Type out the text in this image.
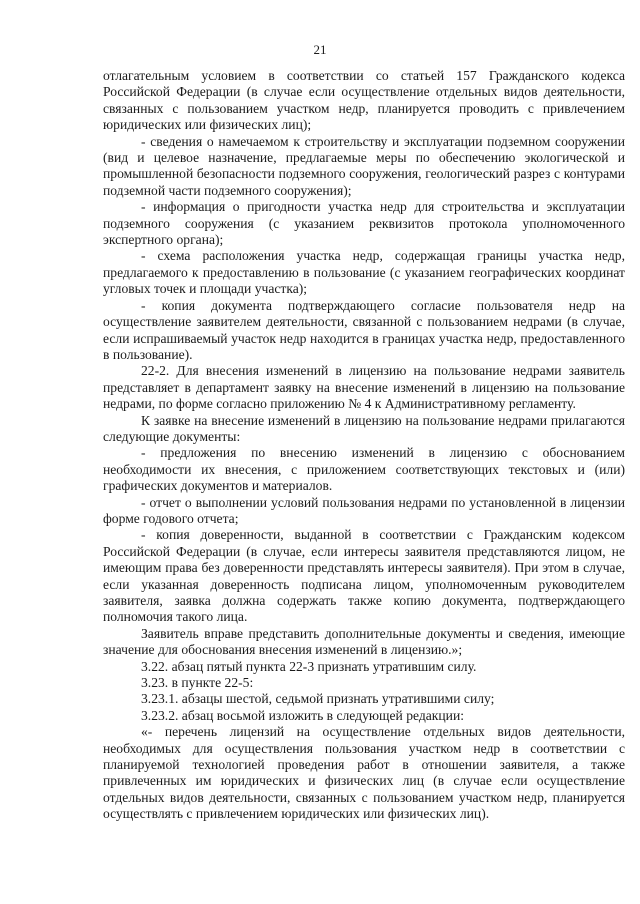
21

отлагательным условием в соответствии со статьей 157 Гражданского кодекса Российской Федерации (в случае если осуществление отдельных видов деятельности, связанных с пользованием участком недр, планируется проводить с привлечением юридических или физических лиц);

- сведения о намечаемом к строительству и эксплуатации подземном сооружении (вид и целевое назначение, предлагаемые меры по обеспечению экологической и промышленной безопасности подземного сооружения, геологический разрез с контурами подземной части подземного сооружения);

- информация о пригодности участка недр для строительства и эксплуатации подземного сооружения (с указанием реквизитов протокола уполномоченного экспертного органа);

- схема расположения участка недр, содержащая границы участка недр, предлагаемого к предоставлению в пользование (с указанием географических координат угловых точек и площади участка);

- копия документа подтверждающего согласие пользователя недр на осуществление заявителем деятельности, связанной с пользованием недрами (в случае, если испрашиваемый участок недр находится в границах участка недр, предоставленного в пользование).

22-2. Для внесения изменений в лицензию на пользование недрами заявитель представляет в департамент заявку на внесение изменений в лицензию на пользование недрами, по форме согласно приложению № 4 к Административному регламенту.

К заявке на внесение изменений в лицензию на пользование недрами прилагаются следующие документы:

- предложения по внесению изменений в лицензию с обоснованием необходимости их внесения, с приложением соответствующих текстовых и (или) графических документов и материалов.

- отчет о выполнении условий пользования недрами по установленной в лицензии форме годового отчета;

- копия доверенности, выданной в соответствии с Гражданским кодексом Российской Федерации (в случае, если интересы заявителя представляются лицом, не имеющим права без доверенности представлять интересы заявителя). При этом в случае, если указанная доверенность подписана лицом, уполномоченным руководителем заявителя, заявка должна содержать также копию документа, подтверждающего полномочия такого лица.

Заявитель вправе представить дополнительные документы и сведения, имеющие значение для обоснования внесения изменений в лицензию.»;

3.22. абзац пятый пункта 22-3 признать утратившим силу.

3.23. в пункте 22-5:

3.23.1. абзацы шестой, седьмой признать утратившими силу;

3.23.2. абзац восьмой изложить в следующей редакции:

«- перечень лицензий на осуществление отдельных видов деятельности, необходимых для осуществления пользования участком недр в соответствии с планируемой технологией проведения работ в отношении заявителя, а также привлеченных им юридических и физических лиц (в случае если осуществление отдельных видов деятельности, связанных с пользованием участком недр, планируется осуществлять с привлечением юридических или физических лиц).
